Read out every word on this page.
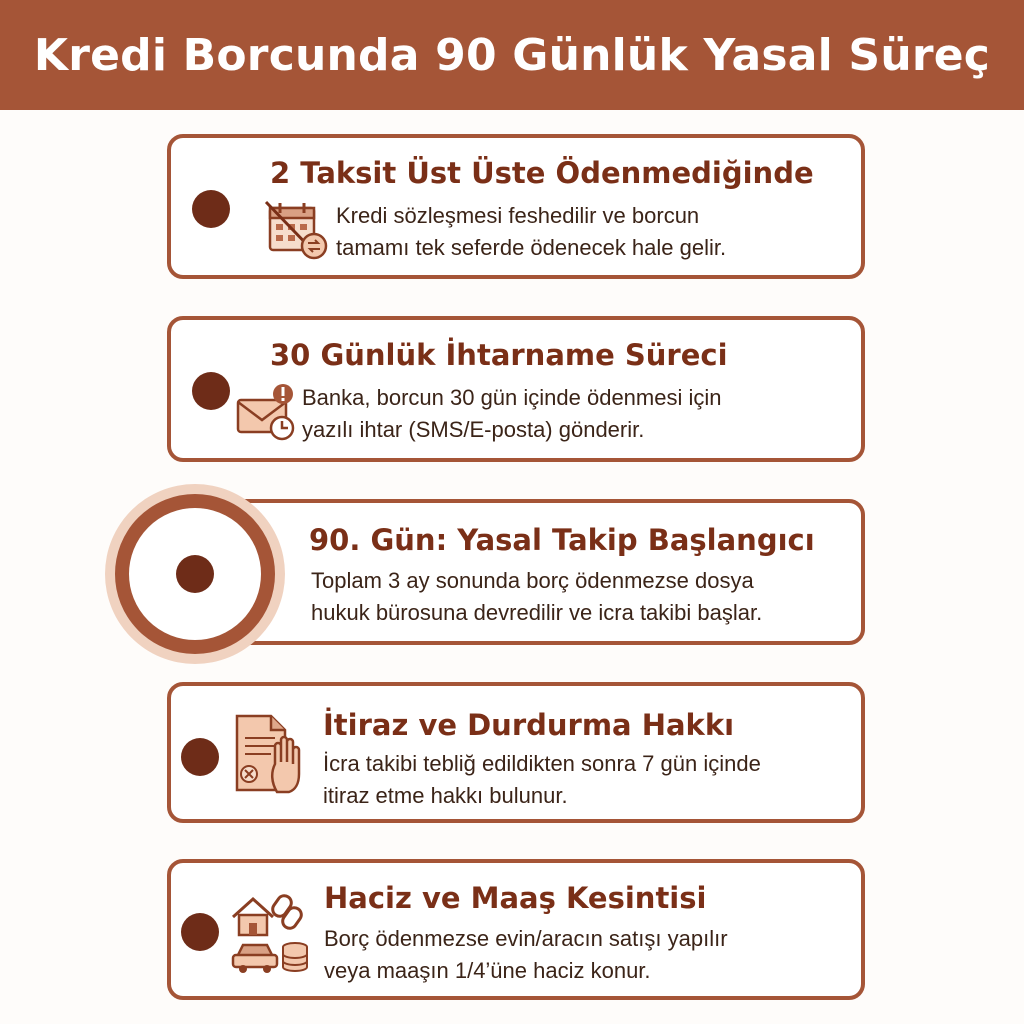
Kredi Borcunda 90 Günlük Yasal Süreç
2 Taksit Üst Üste Ödenmediğinde
Kredi sözleşmesi feshedilir ve borcun
tamamı tek seferde ödenecek hale gelir.
30 Günlük İhtarname Süreci
Banka, borcun 30 gün içinde ödenmesi için
yazılı ihtar (SMS/E-posta) gönderir.
90. Gün: Yasal Takip Başlangıcı
Toplam 3 ay sonunda borç ödenmezse dosya
hukuk bürosuna devredilir ve icra takibi başlar.
İtiraz ve Durdurma Hakkı
İcra takibi tebliğ edildikten sonra 7 gün içinde
itiraz etme hakkı bulunur.
Haciz ve Maaş Kesintisi
Borç ödenmezse evin/aracın satışı yapılır
veya maaşın 1/4’üne haciz konur.
